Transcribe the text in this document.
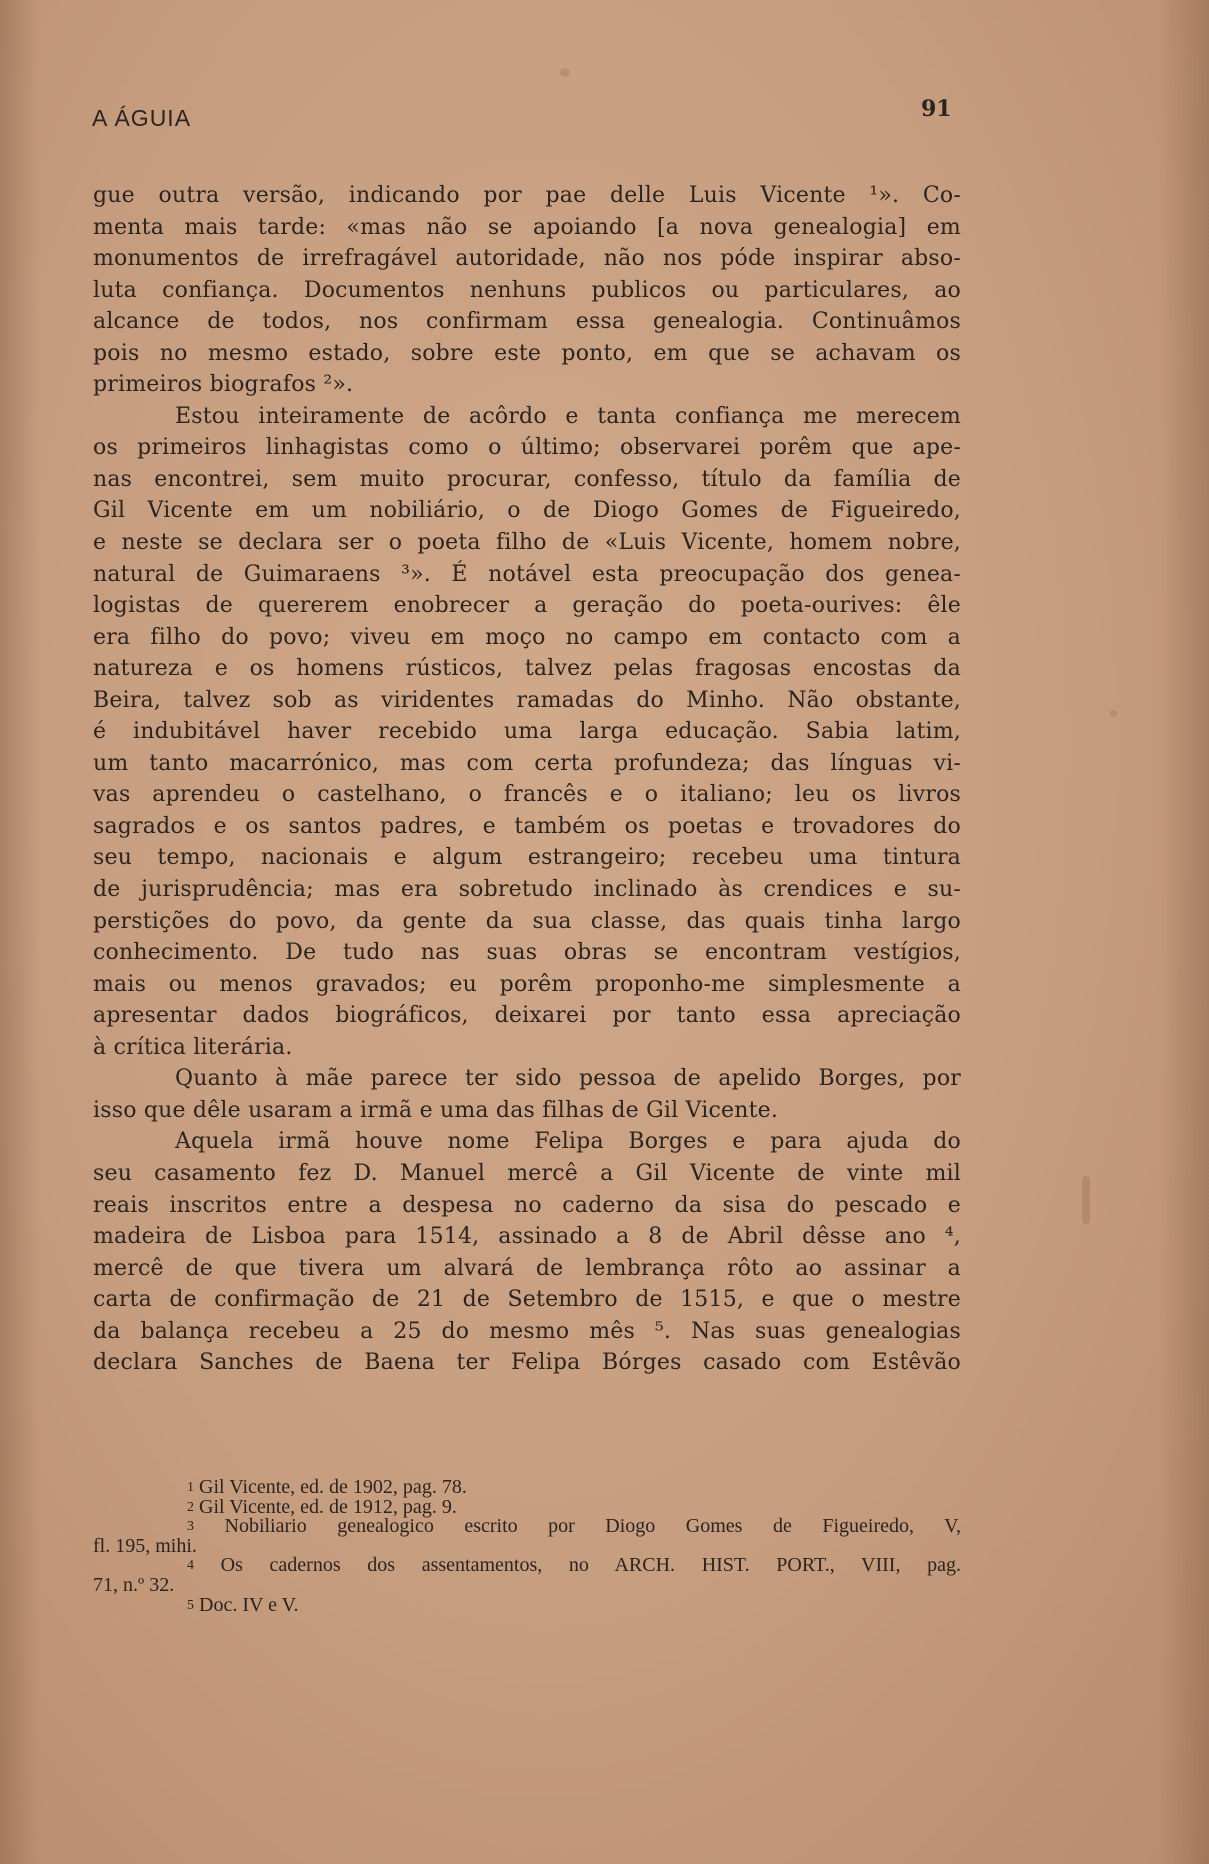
A ÁGUIA	91
gue outra versão, indicando por pae delle Luis Vicente ¹». Co-
menta mais tarde: «mas não se apoiando [a nova genealogia] em
monumentos de irrefragável autoridade, não nos póde inspirar abso-
luta confiança. Documentos nenhuns publicos ou particulares, ao
alcance de todos, nos confirmam essa genealogia. Continuâmos
pois no mesmo estado, sobre este ponto, em que se achavam os
primeiros biografos ²».
Estou inteiramente de acôrdo e tanta confiança me merecem
os primeiros linhagistas como o último; observarei porêm que ape-
nas encontrei, sem muito procurar, confesso, título da família de
Gil Vicente em um nobiliário, o de Diogo Gomes de Figueiredo,
e neste se declara ser o poeta filho de «Luis Vicente, homem nobre,
natural de Guimaraens ³». É notável esta preocupação dos genea-
logistas de quererem enobrecer a geração do poeta-ourives: êle
era filho do povo; viveu em moço no campo em contacto com a
natureza e os homens rústicos, talvez pelas fragosas encostas da
Beira, talvez sob as viridentes ramadas do Minho. Não obstante,
é indubitável haver recebido uma larga educação. Sabia latim,
um tanto macarrónico, mas com certa profundeza; das línguas vi-
vas aprendeu o castelhano, o francês e o italiano; leu os livros
sagrados e os santos padres, e também os poetas e trovadores do
seu tempo, nacionais e algum estrangeiro; recebeu uma tintura
de jurisprudência; mas era sobretudo inclinado às crendices e su-
perstições do povo, da gente da sua classe, das quais tinha largo
conhecimento. De tudo nas suas obras se encontram vestígios,
mais ou menos gravados; eu porêm proponho-me simplesmente a
apresentar dados biográficos, deixarei por tanto essa apreciação
à crítica literária.
Quanto à mãe parece ter sido pessoa de apelido Borges, por
isso que dêle usaram a irmã e uma das filhas de Gil Vicente.
Aquela irmã houve nome Felipa Borges e para ajuda do
seu casamento fez D. Manuel mercê a Gil Vicente de vinte mil
reais inscritos entre a despesa no caderno da sisa do pescado e
madeira de Lisboa para 1514, assinado a 8 de Abril dêsse ano ⁴,
mercê de que tivera um alvará de lembrança rôto ao assinar a
carta de confirmação de 21 de Setembro de 1515, e que o mestre
da balança recebeu a 25 do mesmo mês ⁵. Nas suas genealogias
declara Sanches de Baena ter Felipa Bórges casado com Estêvão
1 Gil Vicente, ed. de 1902, pag. 78.
2 Gil Vicente, ed. de 1912, pag. 9.
3 Nobiliario genealogico escrito por Diogo Gomes de Figueiredo, V,
fl. 195, mihi.
4 Os cadernos dos assentamentos, no ARCH. HIST. PORT., VIII, pag.
71, n.º 32.
5 Doc. IV e V.
